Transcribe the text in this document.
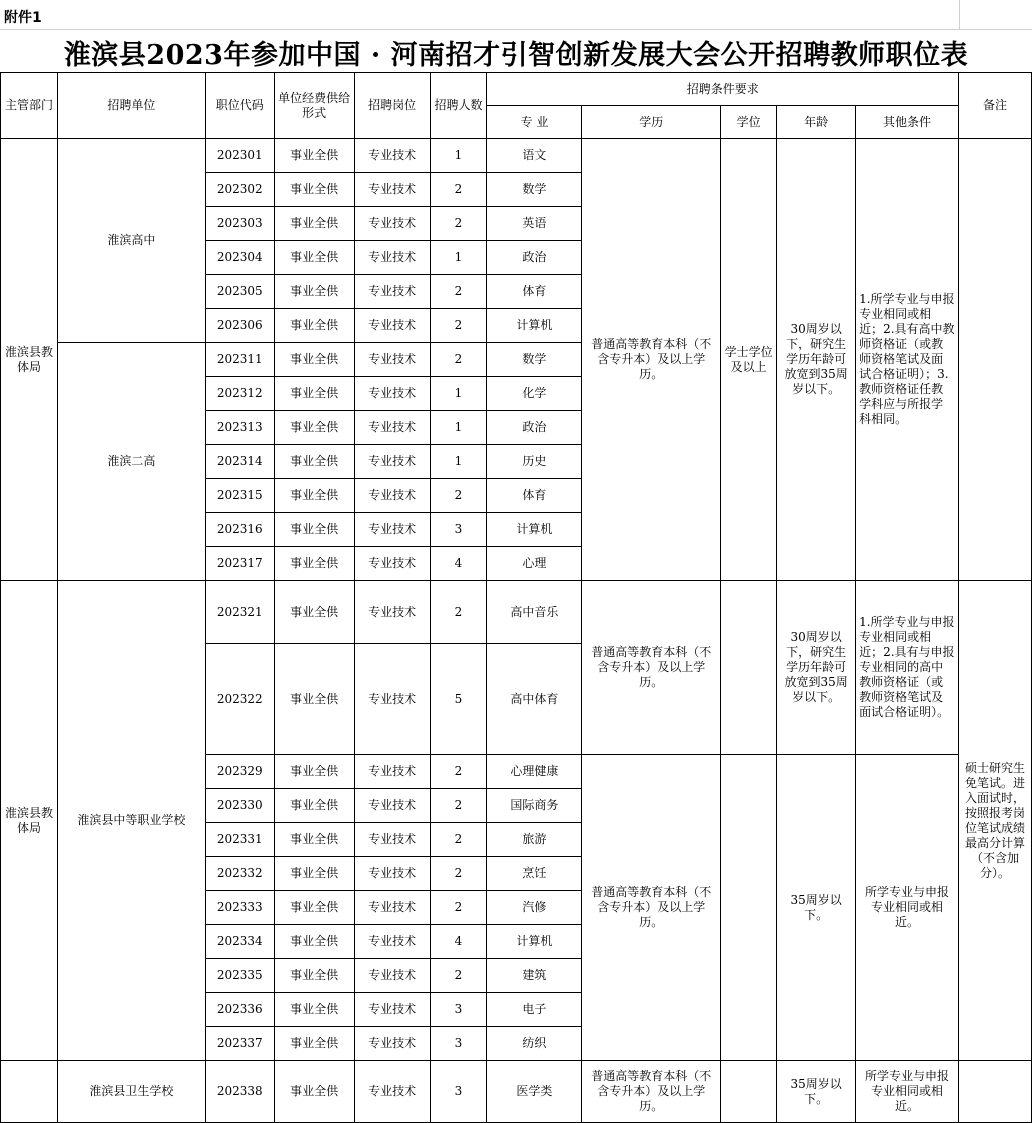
附件1
淮滨县2023年参加中国 · 河南招才引智创新发展大会公开招聘教师职位表
主管部门	招聘单位	职位代码	单位经费供给形式	招聘岗位	招聘人数	招聘条件要求					备注
						专 业	学历	学位	年龄	其他条件	
淮滨县教体局	淮滨高中	202301	事业全供	专业技术	1	语文	普通高等教育本科（不含专升本）及以上学历。	学士学位及以上	30周岁以下，研究生学历年龄可放宽到35周岁以下。	1.所学专业与申报专业相同或相近；2.具有高中教师资格证（或教师资格笔试及面试合格证明）；3.教师资格证任教学科应与所报学科相同。	
		202302	事业全供	专业技术	2	数学					
		202303	事业全供	专业技术	2	英语					
		202304	事业全供	专业技术	1	政治					
		202305	事业全供	专业技术	2	体育					
		202306	事业全供	专业技术	2	计算机					
	淮滨二高	202311	事业全供	专业技术	2	数学					
		202312	事业全供	专业技术	1	化学					
		202313	事业全供	专业技术	1	政治					
		202314	事业全供	专业技术	1	历史					
		202315	事业全供	专业技术	2	体育					
		202316	事业全供	专业技术	3	计算机					
		202317	事业全供	专业技术	4	心理					
淮滨县教体局	淮滨县中等职业学校	202321	事业全供	专业技术	2	高中音乐	普通高等教育本科（不含专升本）及以上学历。		30周岁以下，研究生学历年龄可放宽到35周岁以下。	1.所学专业与申报专业相同或相近；2.具有与申报专业相同的高中教师资格证（或教师资格笔试及面试合格证明）。	硕士研究生免笔试。进入面试时，按照报考岗位笔试成绩最高分计算（不含加分）。
		202322	事业全供	专业技术	5	高中体育					
		202329	事业全供	专业技术	2	心理健康	普通高等教育本科（不含专升本）及以上学历。		35周岁以下。	所学专业与申报专业相同或相近。	
		202330	事业全供	专业技术	2	国际商务					
		202331	事业全供	专业技术	2	旅游					
		202332	事业全供	专业技术	2	烹饪					
		202333	事业全供	专业技术	2	汽修					
		202334	事业全供	专业技术	4	计算机					
		202335	事业全供	专业技术	2	建筑					
		202336	事业全供	专业技术	3	电子					
		202337	事业全供	专业技术	3	纺织					
	淮滨县卫生学校	202338	事业全供	专业技术	3	医学类	普通高等教育本科（不含专升本）及以上学历。		35周岁以下。	所学专业与申报专业相同或相近。	
